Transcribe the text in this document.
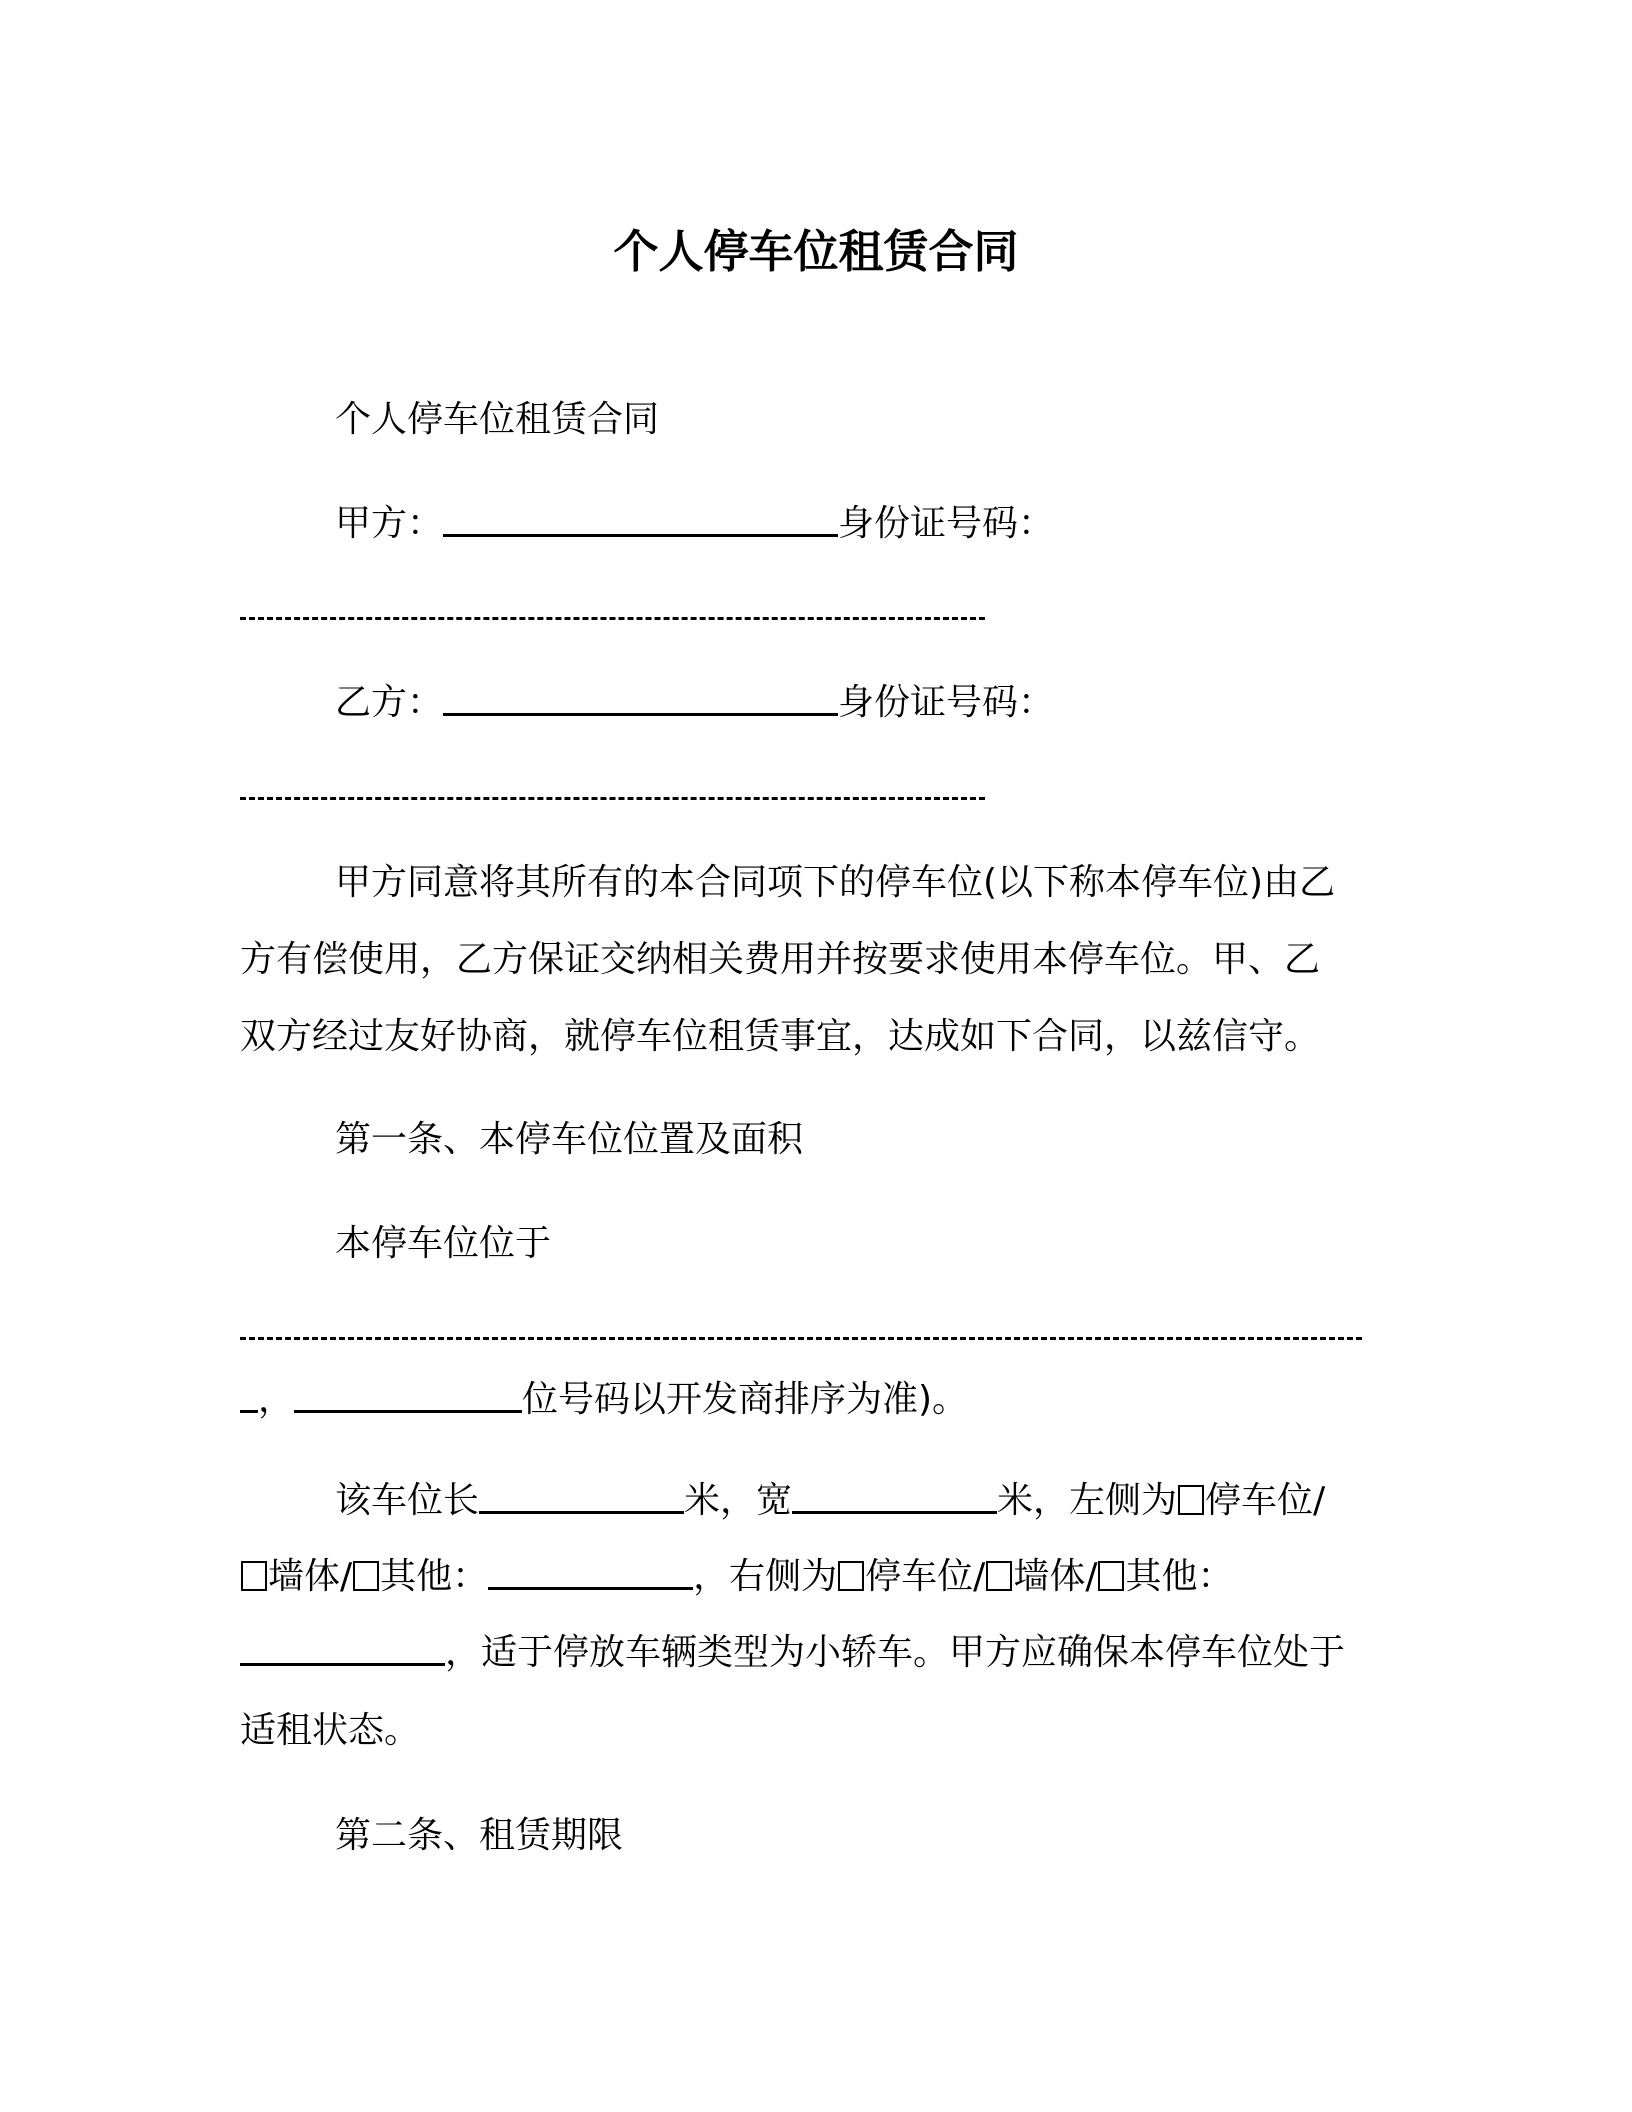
个人停车位租赁合同
个人停车位租赁合同
甲方：	身份证号码：
乙方：	身份证号码：
甲方同意将其所有的本合同项下的停车位(以下称本停车位)由乙
方有偿使用，乙方保证交纳相关费用并按要求使用本停车位。甲、乙
双方经过友好协商，就停车位租赁事宜，达成如下合同，以兹信守。
第一条、本停车位位置及面积
本停车位位于
，	位号码以开发商排序为准)。
该车位长	米，宽	米，左侧为 停车位/
墙体/ 其他：	，右侧为 停车位/ 墙体/ 其他：
，适于停放车辆类型为小轿车。甲方应确保本停车位处于
适租状态。
第二条、租赁期限
